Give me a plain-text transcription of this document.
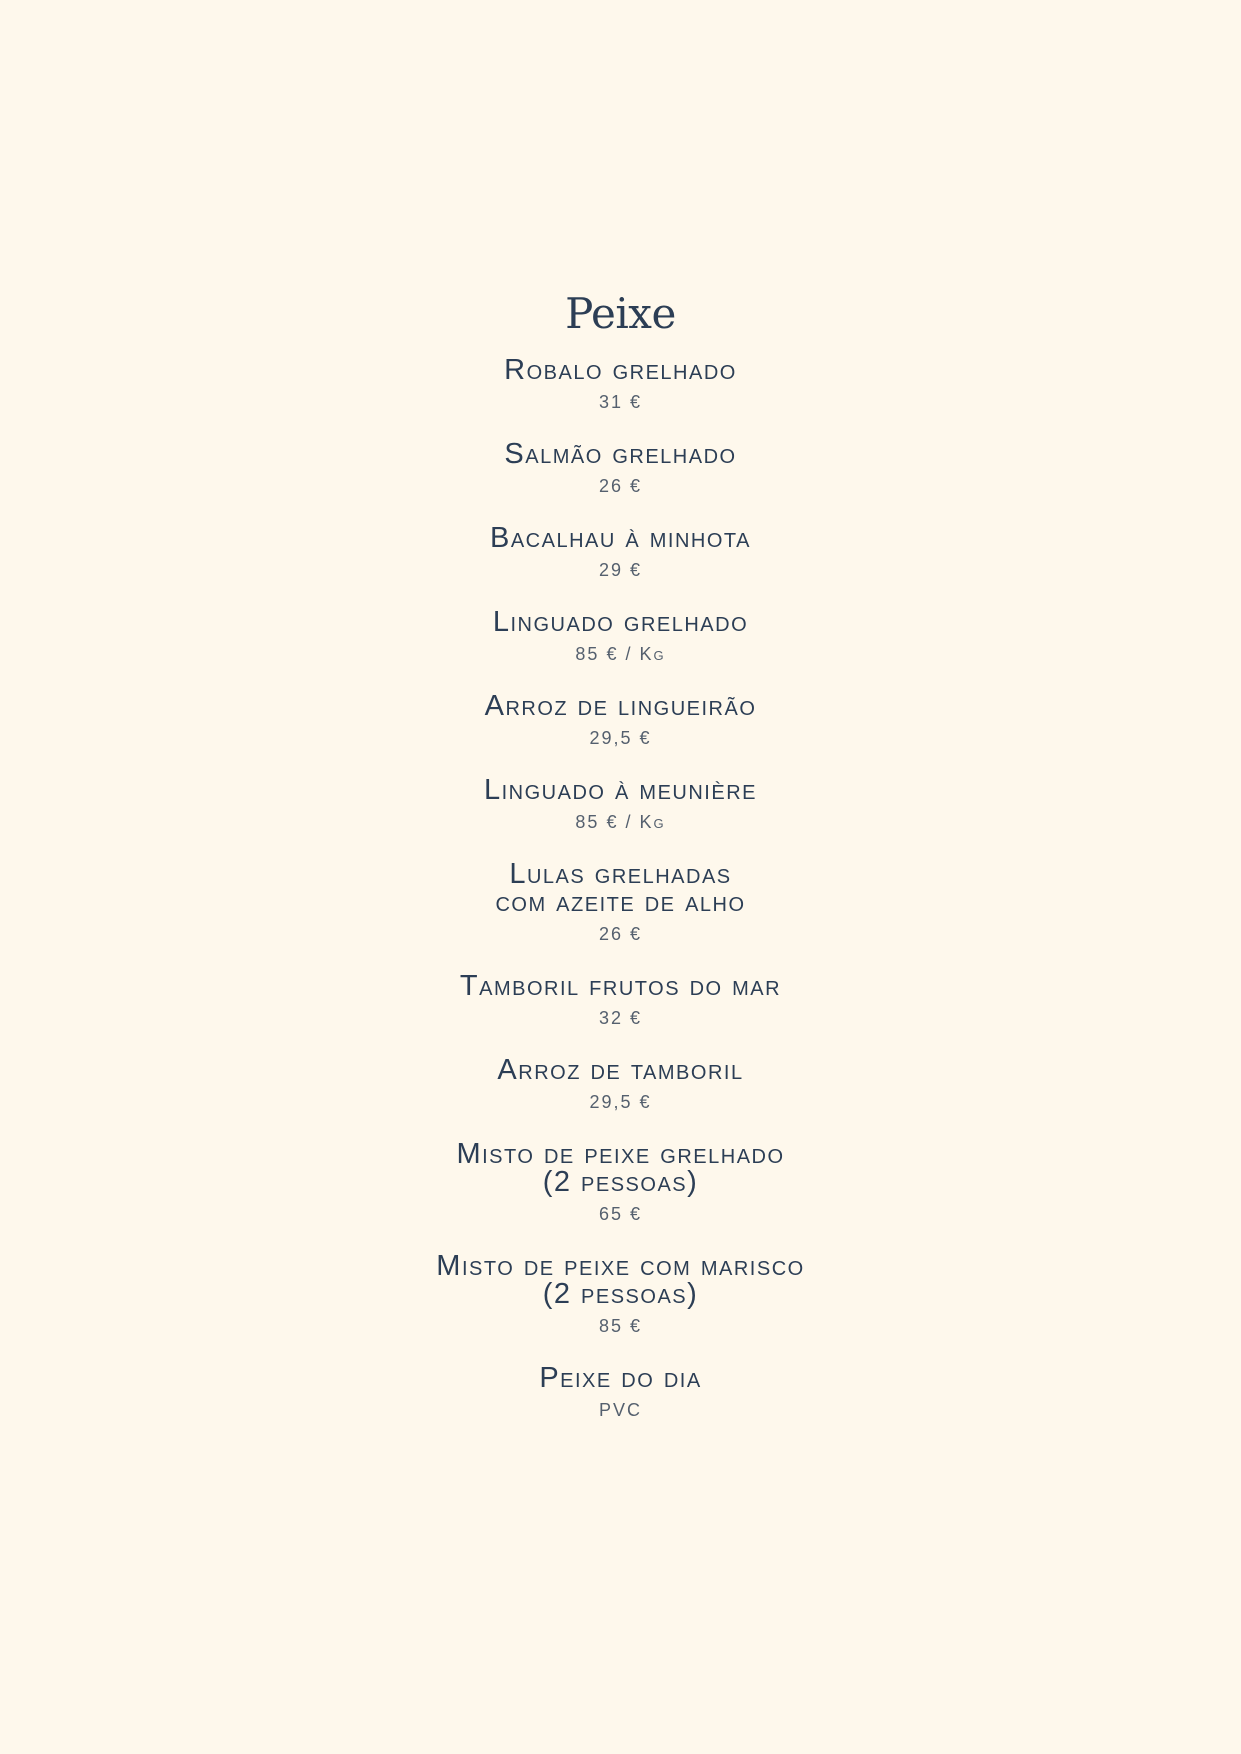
Peixe
Robalo grelhado
31 €
Salmão grelhado
26 €
Bacalhau à minhota
29 €
Linguado grelhado
85 € / Kg
Arroz de lingueirão
29,5 €
Linguado à meunière
85 € / Kg
Lulas grelhadas
com azeite de alho
26 €
Tamboril frutos do mar
32 €
Arroz de tamboril
29,5 €
Misto de peixe grelhado
(2 pessoas)
65 €
Misto de peixe com marisco
(2 pessoas)
85 €
Peixe do dia
PVC
